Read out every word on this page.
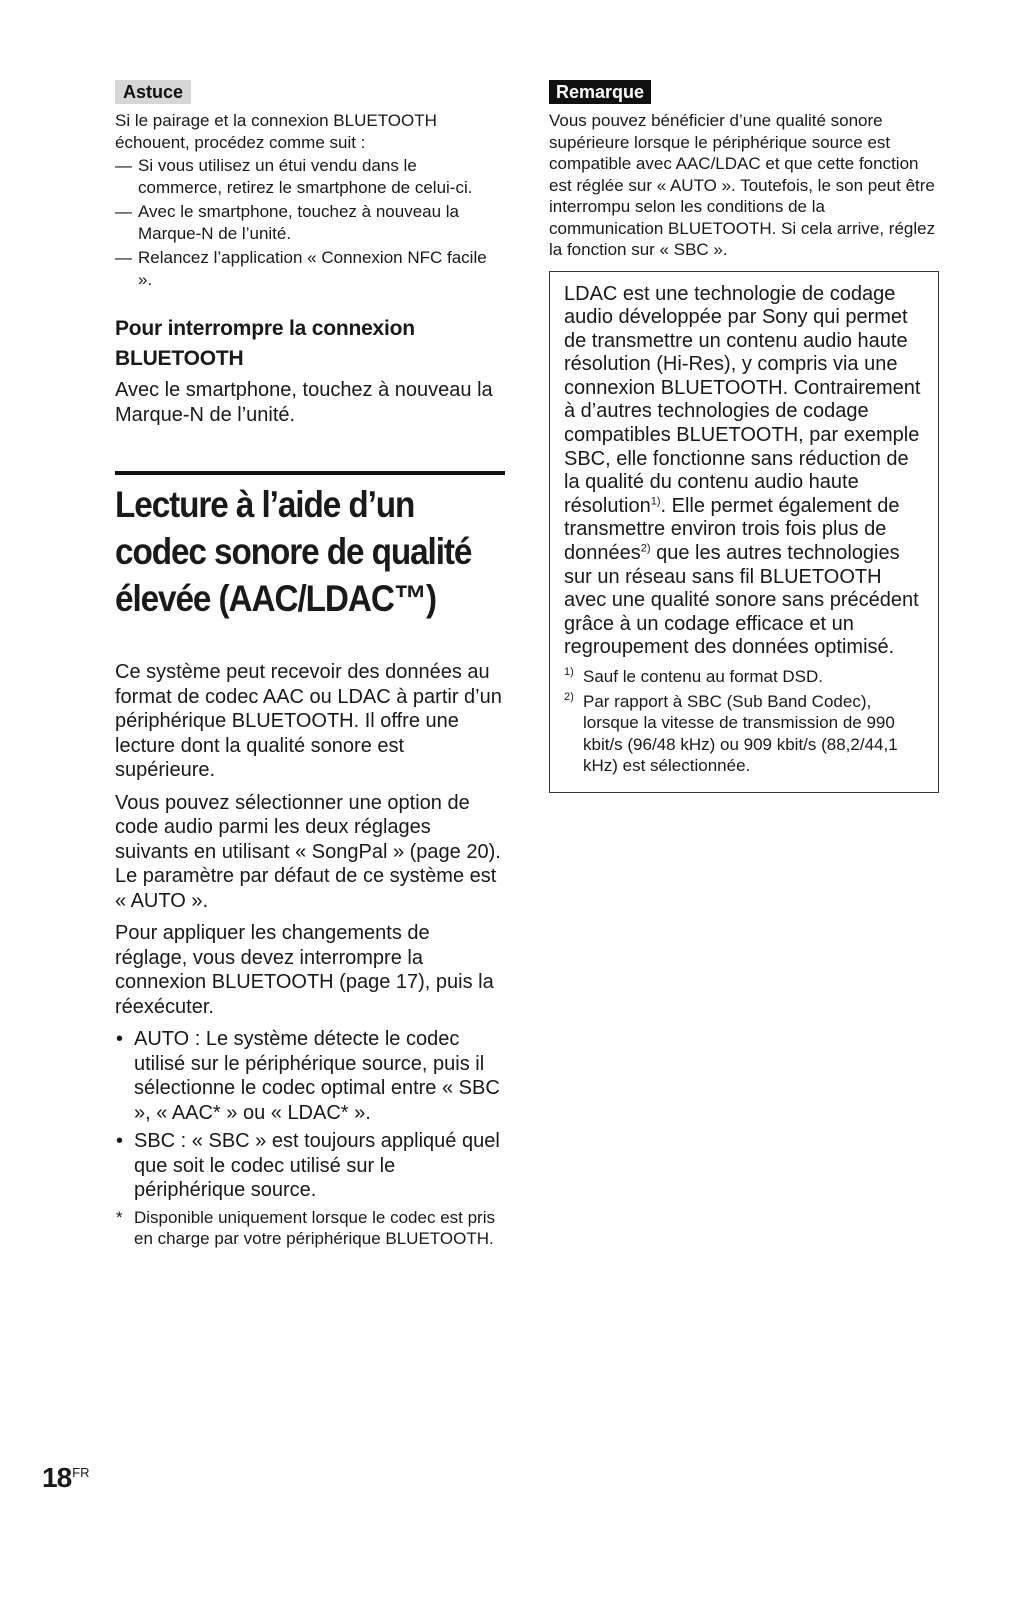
Astuce

Si le pairage et la connexion BLUETOOTH échouent, procédez comme suit :

— Si vous utilisez un étui vendu dans le commerce, retirez le smartphone de celui-ci.
— Avec le smartphone, touchez à nouveau la Marque-N de l’unité.
— Relancez l’application « Connexion NFC facile ».
Pour interrompre la connexion BLUETOOTH

Avec le smartphone, touchez à nouveau la Marque-N de l’unité.

Lecture à l’aide d’un codec sonore de qualité élevée (AAC/LDAC™)

Ce système peut recevoir des données au format de codec AAC ou LDAC à partir d’un périphérique BLUETOOTH. Il offre une lecture dont la qualité sonore est supérieure.

Vous pouvez sélectionner une option de code audio parmi les deux réglages suivants en utilisant « SongPal » (page 20). Le paramètre par défaut de ce système est « AUTO ».

Pour appliquer les changements de réglage, vous devez interrompre la connexion BLUETOOTH (page 17), puis la réexécuter.

• AUTO : Le système détecte le codec utilisé sur le périphérique source, puis il sélectionne le codec optimal entre « SBC », « AAC* » ou « LDAC* ».
• SBC : « SBC » est toujours appliqué quel que soit le codec utilisé sur le périphérique source.

* Disponible uniquement lorsque le codec est pris en charge par votre périphérique BLUETOOTH.

Remarque

Vous pouvez bénéficier d’une qualité sonore supérieure lorsque le périphérique source est compatible avec AAC/LDAC et que cette fonction est réglée sur « AUTO ». Toutefois, le son peut être interrompu selon les conditions de la communication BLUETOOTH. Si cela arrive, réglez la fonction sur « SBC ».

LDAC est une technologie de codage audio développée par Sony qui permet de transmettre un contenu audio haute résolution (Hi-Res), y compris via une connexion BLUETOOTH. Contrairement à d’autres technologies de codage compatibles BLUETOOTH, par exemple SBC, elle fonctionne sans réduction de la qualité du contenu audio haute résolution$^{1)}$. Elle permet également de transmettre environ trois fois plus de données$^{2)}$ que les autres technologies sur un réseau sans fil BLUETOOTH avec une qualité sonore sans précédent grâce à un codage efficace et un regroupement des données optimisé.

1) Sauf le contenu au format DSD.
2) Par rapport à SBC (Sub Band Codec), lorsque la vitesse de transmission de 990 kbit/s (96/48 kHz) ou 909 kbit/s (88,2/44,1 kHz) est sélectionnée.
$18^{FR}$
